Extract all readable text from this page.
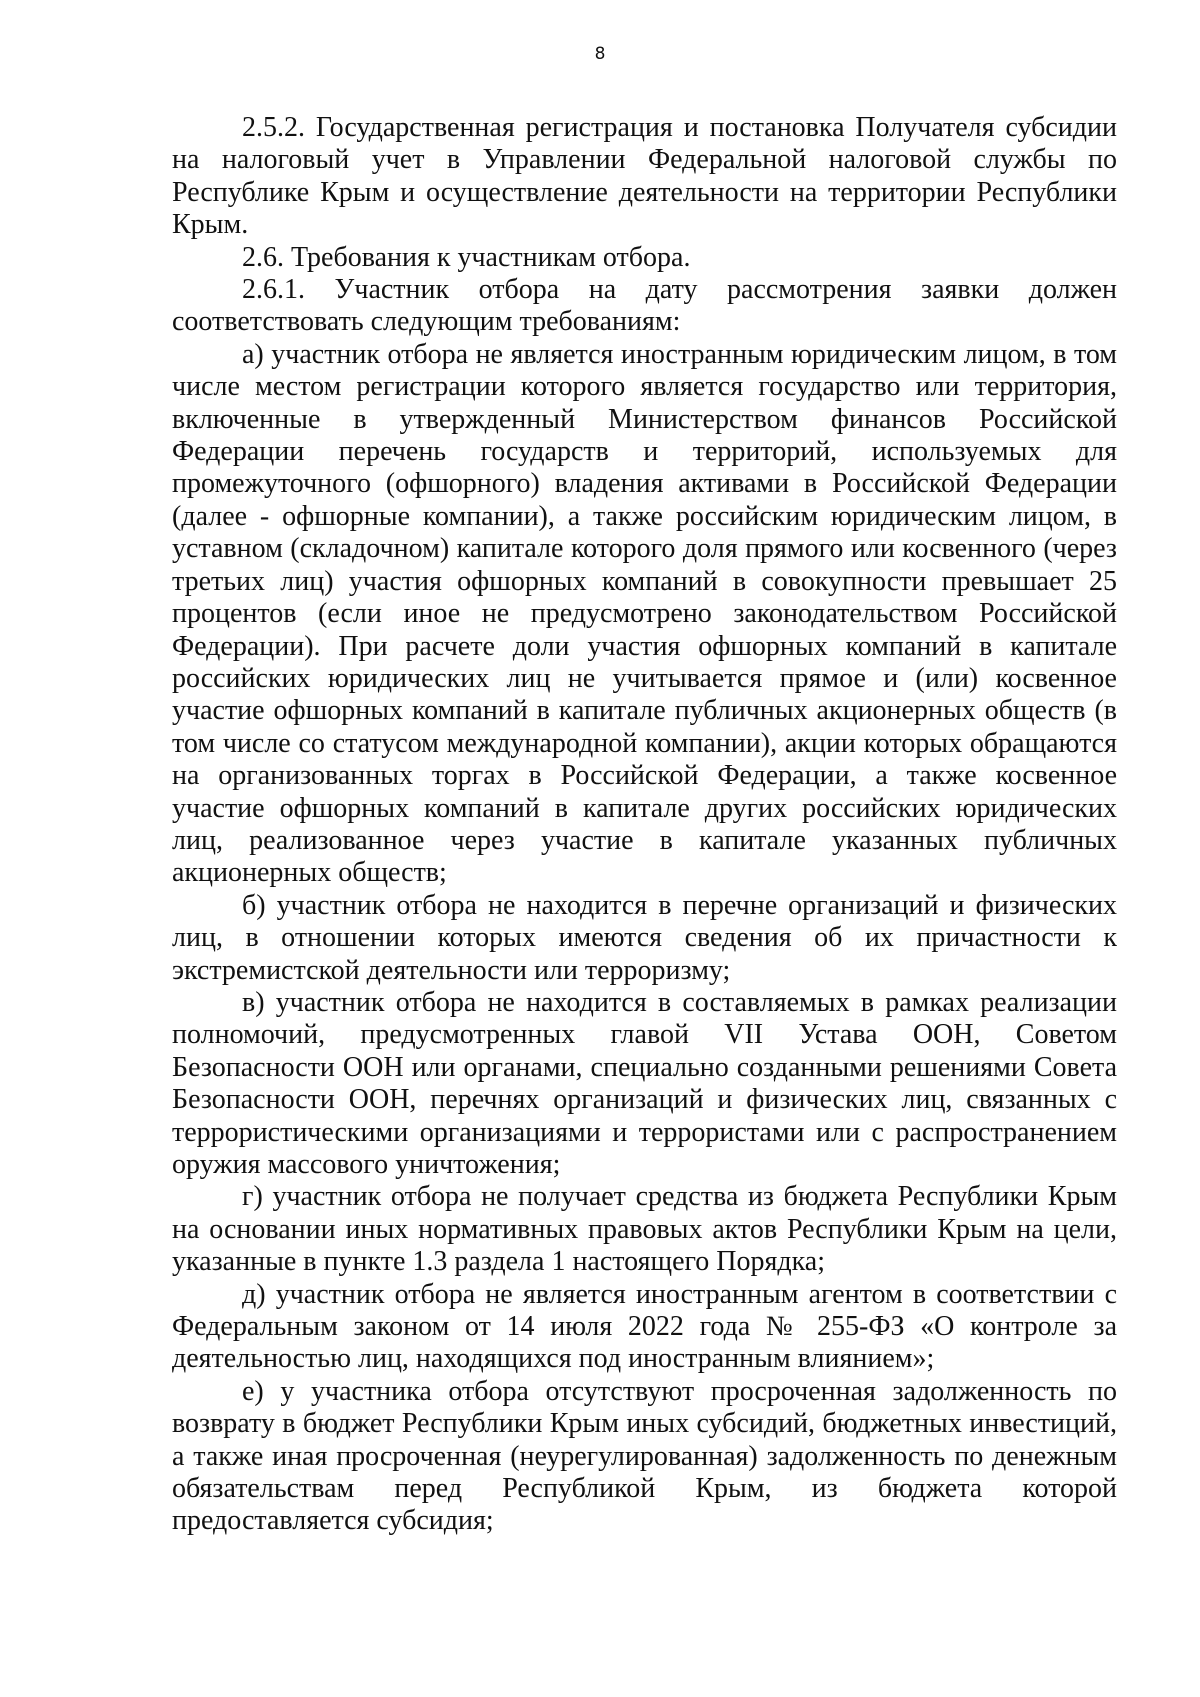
8

2.5.2. Государственная регистрация и постановка Получателя субсидии на налоговый учет в Управлении Федеральной налоговой службы по Республике Крым и осуществление деятельности на территории Республики Крым.

2.6. Требования к участникам отбора.

2.6.1. Участник отбора на дату рассмотрения заявки должен соответствовать следующим требованиям:

а) участник отбора не является иностранным юридическим лицом, в том числе местом регистрации которого является государство или территория, включенные в утвержденный Министерством финансов Российской Федерации перечень государств и территорий, используемых для промежуточного (офшорного) владения активами в Российской Федерации (далее - офшорные компании), а также российским юридическим лицом, в уставном (складочном) капитале которого доля прямого или косвенного (через третьих лиц) участия офшорных компаний в совокупности превышает 25 процентов (если иное не предусмотрено законодательством Российской Федерации). При расчете доли участия офшорных компаний в капитале российских юридических лиц не учитывается прямое и (или) косвенное участие офшорных компаний в капитале публичных акционерных обществ (в том числе со статусом международной компании), акции которых обращаются на организованных торгах в Российской Федерации, а также косвенное участие офшорных компаний в капитале других российских юридических лиц, реализованное через участие в капитале указанных публичных акционерных обществ;

б) участник отбора не находится в перечне организаций и физических лиц, в отношении которых имеются сведения об их причастности к экстремистской деятельности или терроризму;

в) участник отбора не находится в составляемых в рамках реализации полномочий, предусмотренных главой VII Устава ООН, Советом Безопасности ООН или органами, специально созданными решениями Совета Безопасности ООН, перечнях организаций и физических лиц, связанных с террористическими организациями и террористами или с распространением оружия массового уничтожения;

г) участник отбора не получает средства из бюджета Республики Крым на основании иных нормативных правовых актов Республики Крым на цели, указанные в пункте 1.3 раздела 1 настоящего Порядка;

д) участник отбора не является иностранным агентом в соответствии с Федеральным законом от 14 июля 2022 года № 255-ФЗ «О контроле за деятельностью лиц, находящихся под иностранным влиянием»;

е) у участника отбора отсутствуют просроченная задолженность по возврату в бюджет Республики Крым иных субсидий, бюджетных инвестиций, а также иная просроченная (неурегулированная) задолженность по денежным обязательствам перед Республикой Крым, из бюджета которой предоставляется субсидия;
